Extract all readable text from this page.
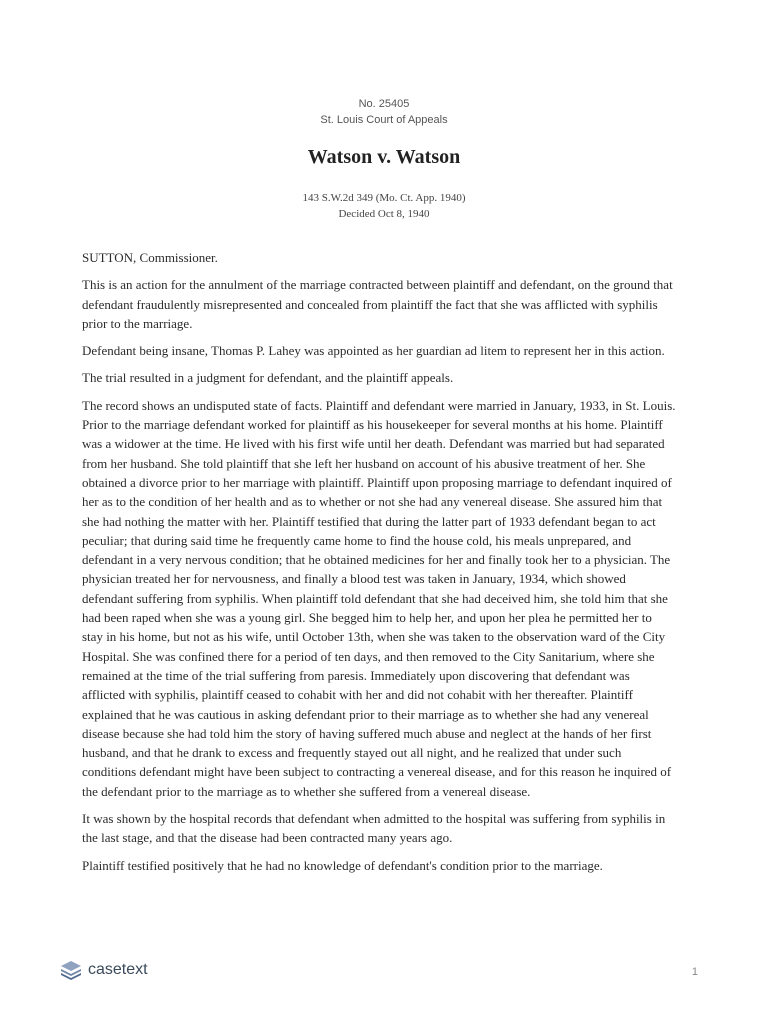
No. 25405
St. Louis Court of Appeals
Watson v. Watson
143 S.W.2d 349 (Mo. Ct. App. 1940)
Decided Oct 8, 1940

SUTTON, Commissioner.

This is an action for the annulment of the marriage contracted between plaintiff and defendant, on the ground that defendant fraudulently misrepresented and concealed from plaintiff the fact that she was afflicted with syphilis prior to the marriage.

Defendant being insane, Thomas P. Lahey was appointed as her guardian ad litem to represent her in this action.

The trial resulted in a judgment for defendant, and the plaintiff appeals.

The record shows an undisputed state of facts. Plaintiff and defendant were married in January, 1933, in St. Louis. Prior to the marriage defendant worked for plaintiff as his housekeeper for several months at his home. Plaintiff was a widower at the time. He lived with his first wife until her death. Defendant was married but had separated from her husband. She told plaintiff that she left her husband on account of his abusive treatment of her. She obtained a divorce prior to her marriage with plaintiff. Plaintiff upon proposing marriage to defendant inquired of her as to the condition of her health and as to whether or not she had any venereal disease. She assured him that she had nothing the matter with her. Plaintiff testified that during the latter part of 1933 defendant began to act peculiar; that during said time he frequently came home to find the house cold, his meals unprepared, and defendant in a very nervous condition; that he obtained medicines for her and finally took her to a physician. The physician treated her for nervousness, and finally a blood test was taken in January, 1934, which showed defendant suffering from syphilis. When plaintiff told defendant that she had deceived him, she told him that she had been raped when she was a young girl. She begged him to help her, and upon her plea he permitted her to stay in his home, but not as his wife, until October 13th, when she was taken to the observation ward of the City Hospital. She was confined there for a period of ten days, and then removed to the City Sanitarium, where she remained at the time of the trial suffering from paresis. Immediately upon discovering that defendant was afflicted with syphilis, plaintiff ceased to cohabit with her and did not cohabit with her thereafter. Plaintiff explained that he was cautious in asking defendant prior to their marriage as to whether she had any venereal disease because she had told him the story of having suffered much abuse and neglect at the hands of her first husband, and that he drank to excess and frequently stayed out all night, and he realized that under such conditions defendant might have been subject to contracting a venereal disease, and for this reason he inquired of the defendant prior to the marriage as to whether she suffered from a venereal disease.

It was shown by the hospital records that defendant when admitted to the hospital was suffering from syphilis in the last stage, and that the disease had been contracted many years ago.

Plaintiff testified positively that he had no knowledge of defendant's condition prior to the marriage.

casetext	1
